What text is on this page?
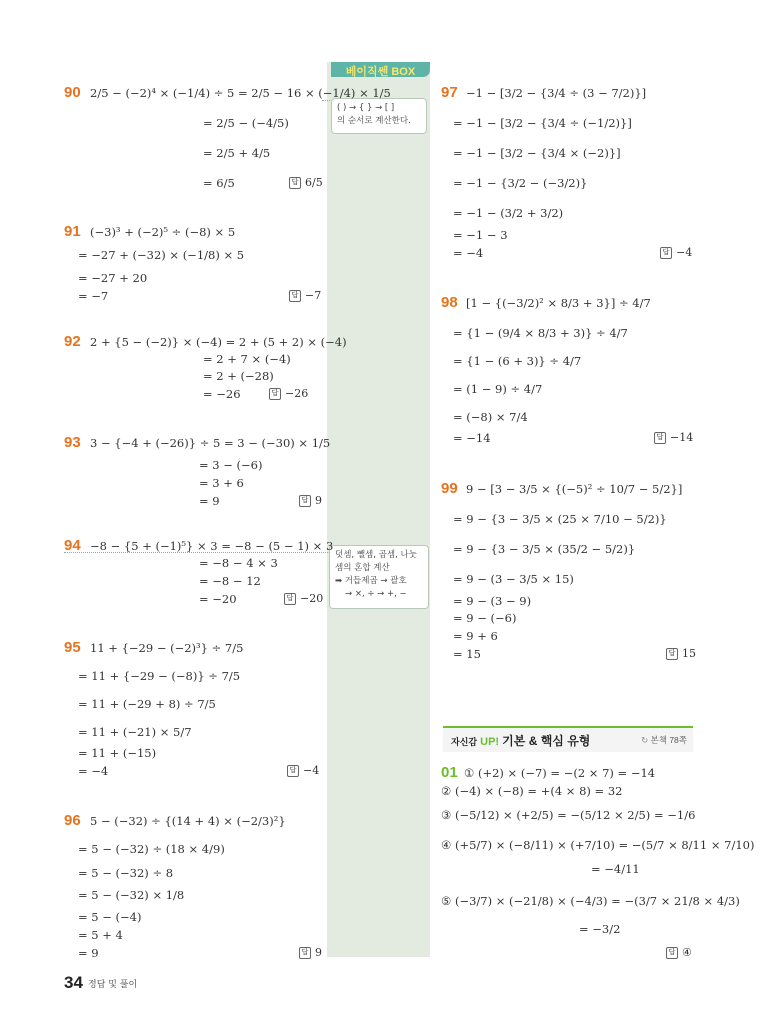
베이직쎈 BOX
( ) → { } → [ ]
의 순서로 계산한다.
덧셈, 뺄셈, 곱셈, 나눗
셈의 혼합 계산
➡ 거듭제곱 → 괄호
→ ×, ÷ → +, −
90 2/5 − (−2)⁴ × (−1/4) ÷ 5 = 2/5 − 16 × (−1/4) × 1/5
= 2/5 − (−4/5)
= 2/5 + 4/5
= 6/5	답 6/5
91 (−3)³ + (−2)⁵ ÷ (−8) × 5
= −27 + (−32) × (−1/8) × 5
= −27 + 20
= −7	답 −7
92 2 + {5 − (−2)} × (−4) = 2 + (5 + 2) × (−4)
= 2 + 7 × (−4)
= 2 + (−28)
= −26	답 −26
93 3 − {−4 + (−26)} ÷ 5 = 3 − (−30) × 1/5
= 3 − (−6)
= 3 + 6
= 9	답 9
94 −8 − {5 + (−1)⁵} × 3 = −8 − (5 − 1) × 3
= −8 − 4 × 3
= −8 − 12
= −20	답 −20
95 11 + {−29 − (−2)³} ÷ 7/5
= 11 + {−29 − (−8)} ÷ 7/5
= 11 + (−29 + 8) ÷ 7/5
= 11 + (−21) × 5/7
= 11 + (−15)
= −4	답 −4
96 5 − (−32) ÷ {(14 + 4) × (−2/3)²}
= 5 − (−32) ÷ (18 × 4/9)
= 5 − (−32) ÷ 8
= 5 − (−32) × 1/8
= 5 − (−4)
= 5 + 4
= 9	답 9
97 −1 − [3/2 − {3/4 ÷ (3 − 7/2)}]
= −1 − [3/2 − {3/4 ÷ (−1/2)}]
= −1 − [3/2 − {3/4 × (−2)}]
= −1 − {3/2 − (−3/2)}
= −1 − (3/2 + 3/2)
= −1 − 3
= −4	답 −4
98 [1 − {(−3/2)² × 8/3 + 3}] ÷ 4/7
= {1 − (9/4 × 8/3 + 3)} ÷ 4/7
= {1 − (6 + 3)} ÷ 4/7
= (1 − 9) ÷ 4/7
= (−8) × 7/4
= −14	답 −14
99 9 − [3 − 3/5 × {(−5)² ÷ 10/7 − 5/2}]
= 9 − {3 − 3/5 × (25 × 7/10 − 5/2)}
= 9 − {3 − 3/5 × (35/2 − 5/2)}
= 9 − (3 − 3/5 × 15)
= 9 − (3 − 9)
= 9 − (−6)
= 9 + 6
= 15	답 15
자신감 UP! 기본 & 핵심 유형	↻ 본책 78쪽
01 ① (+2) × (−7) = −(2 × 7) = −14
② (−4) × (−8) = +(4 × 8) = 32
③ (−5/12) × (+2/5) = −(5/12 × 2/5) = −1/6
④ (+5/7) × (−8/11) × (+7/10) = −(5/7 × 8/11 × 7/10)
= −4/11
⑤ (−3/7) × (−21/8) × (−4/3) = −(3/7 × 21/8 × 4/3)
= −3/2
답 ④
34 정답 및 풀이
